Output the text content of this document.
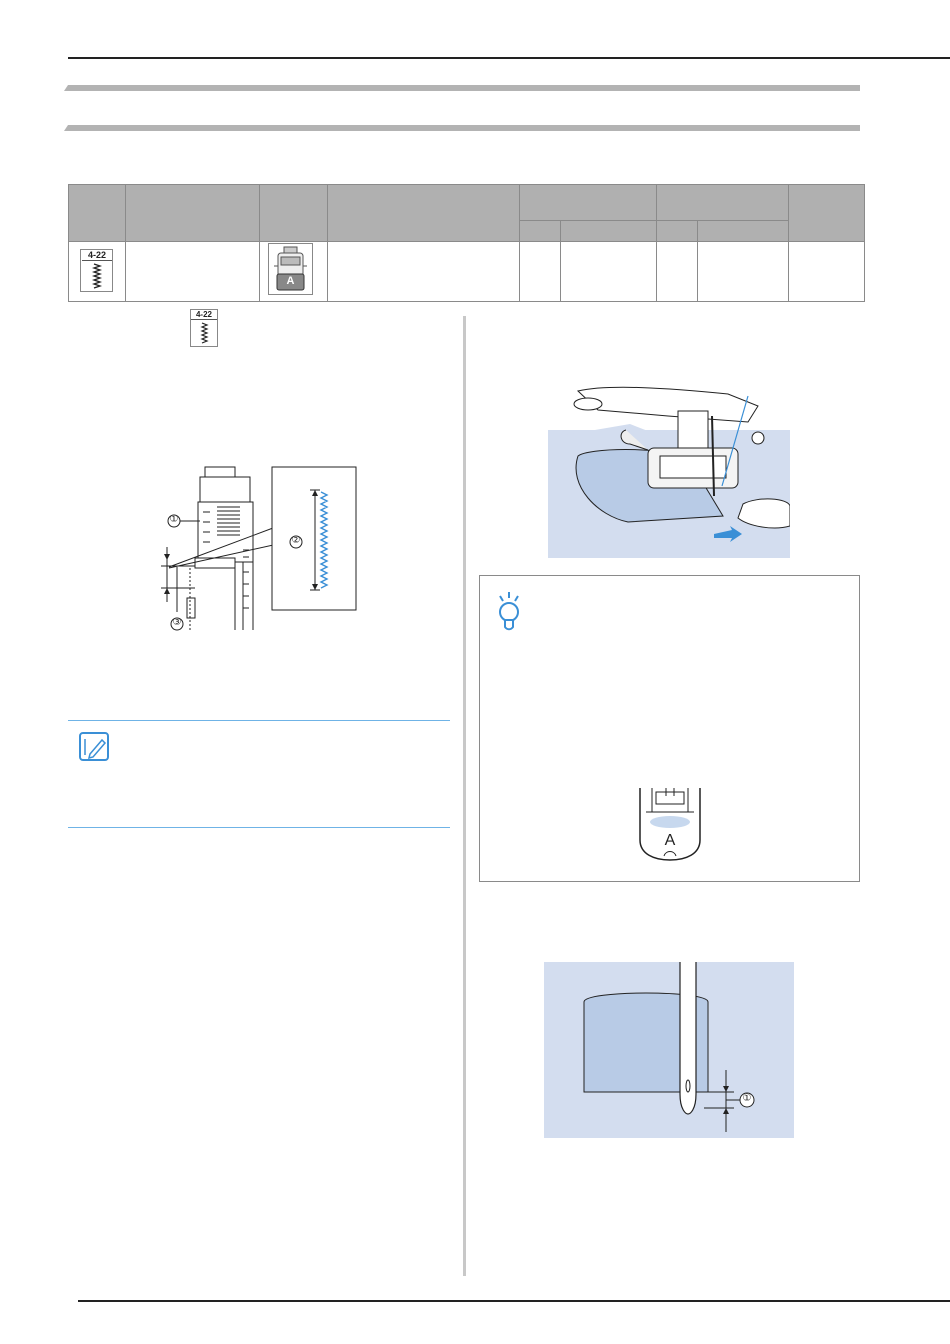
4-22
A
4-22
①
②
③
A
①
